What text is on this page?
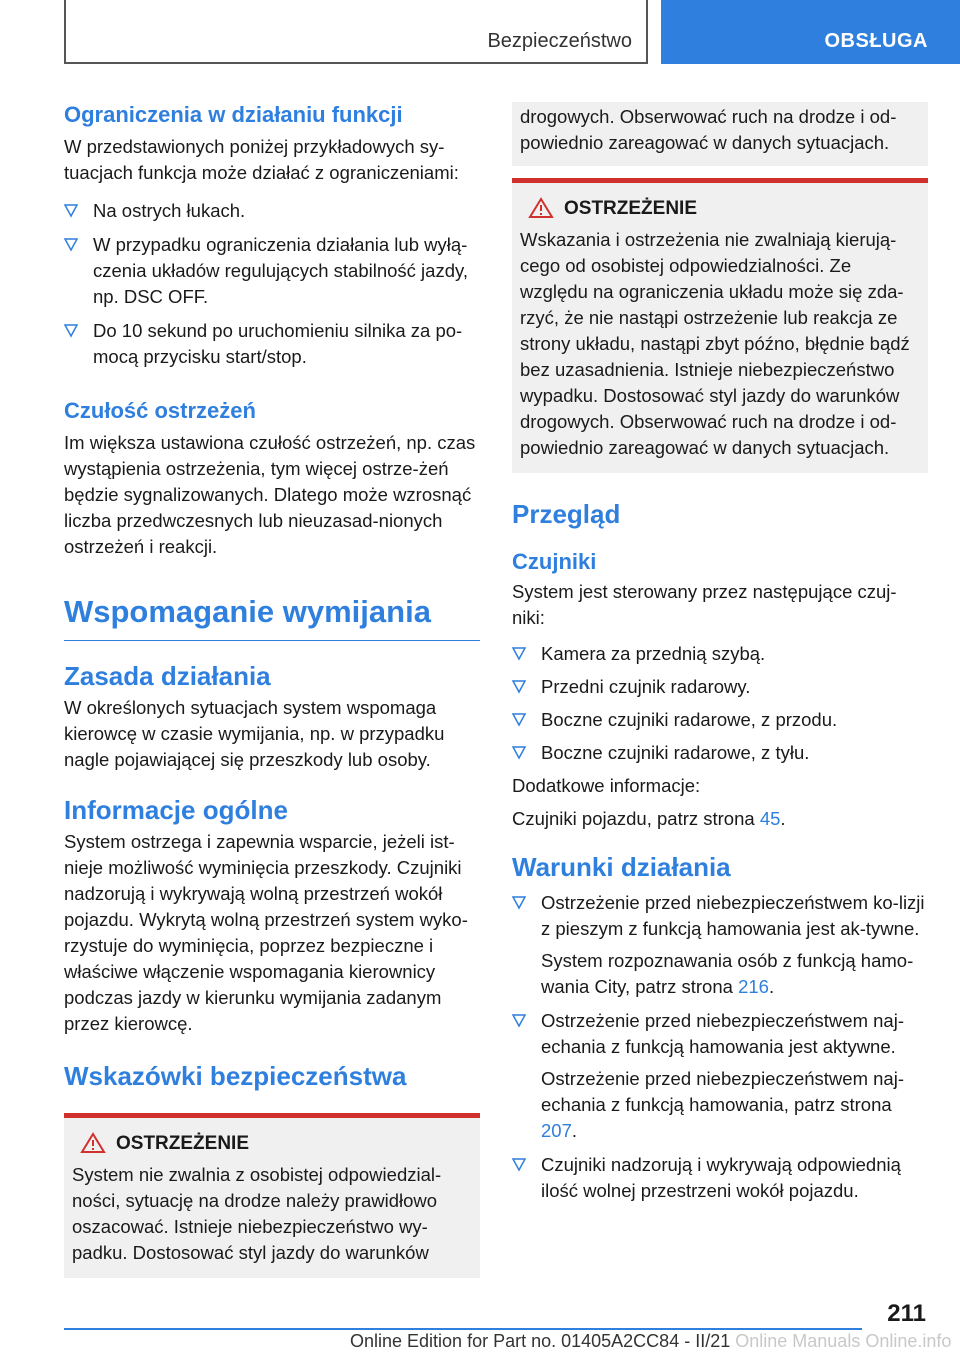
Bezpieczeństwo	OBSŁUGA
Ograniczenia w działaniu funkcji

W przedstawionych poniżej przykładowych sy-tuacjach funkcja może działać z ograniczeniami:

Na ostrych łukach.
W przypadku ograniczenia działania lub wyłą-czenia układów regulujących stabilność jazdy, np. DSC OFF.
Do 10 sekund po uruchomieniu silnika za po-mocą przycisku start/stop.
Czułość ostrzeżeń

Im większa ustawiona czułość ostrzeżeń, np. czas wystąpienia ostrzeżenia, tym więcej ostrze-żeń będzie sygnalizowanych. Dlatego może wzrosnąć liczba przedwczesnych lub nieuzasad-nionych ostrzeżeń i reakcji.

Wspomaganie wymijania
Zasada działania

W określonych sytuacjach system wspomaga kierowcę w czasie wymijania, np. w przypadku nagle pojawiającej się przeszkody lub osoby.

Informacje ogólne

System ostrzega i zapewnia wsparcie, jeżeli ist-nieje możliwość wyminięcia przeszkody. Czujniki nadzorują i wykrywają wolną przestrzeń wokół pojazdu. Wykrytą wolną przestrzeń system wyko-rzystuje do wyminięcia, poprzez bezpieczne i właściwe włączenie wspomagania kierownicy podczas jazdy w kierunku wymijania zadanym przez kierowcę.

Wskazówki bezpieczeństwa
OSTRZEŻENIE

System nie zwalnia z osobistej odpowiedzial-ności, sytuację na drodze należy prawidłowo oszacować. Istnieje niebezpieczeństwo wy-padku. Dostosować styl jazdy do warunków

drogowych. Obserwować ruch na drodze i od-powiednio zareagować w danych sytuacjach.

OSTRZEŻENIE

Wskazania i ostrzeżenia nie zwalniają kierują-cego od osobistej odpowiedzialności. Ze względu na ograniczenia układu może się zda-rzyć, że nie nastąpi ostrzeżenie lub reakcja ze strony układu, nastąpi zbyt późno, błędnie bądź bez uzasadnienia. Istnieje niebezpieczeństwo wypadku. Dostosować styl jazdy do warunków drogowych. Obserwować ruch na drodze i od-powiednio zareagować w danych sytuacjach.

Przegląd
Czujniki

System jest sterowany przez następujące czuj-niki:

Kamera za przednią szybą.
Przedni czujnik radarowy.
Boczne czujniki radarowe, z przodu.
Boczne czujniki radarowe, z tyłu.

Dodatkowe informacje:

Czujniki pojazdu, patrz strona 45.

Warunki działania
Ostrzeżenie przed niebezpieczeństwem ko-lizji z pieszym z funkcją hamowania jest ak-tywne.
System rozpoznawania osób z funkcją hamo-wania City, patrz strona 216.
Ostrzeżenie przed niebezpieczeństwem naj-echania z funkcją hamowania jest aktywne.
Ostrzeżenie przed niebezpieczeństwem naj-echania z funkcją hamowania, patrz strona 207.
Czujniki nadzorują i wykrywają odpowiednią ilość wolnej przestrzeni wokół pojazdu.
211
Online Edition for Part no. 01405A2CC84 - II/21 Online Manuals Online.info
